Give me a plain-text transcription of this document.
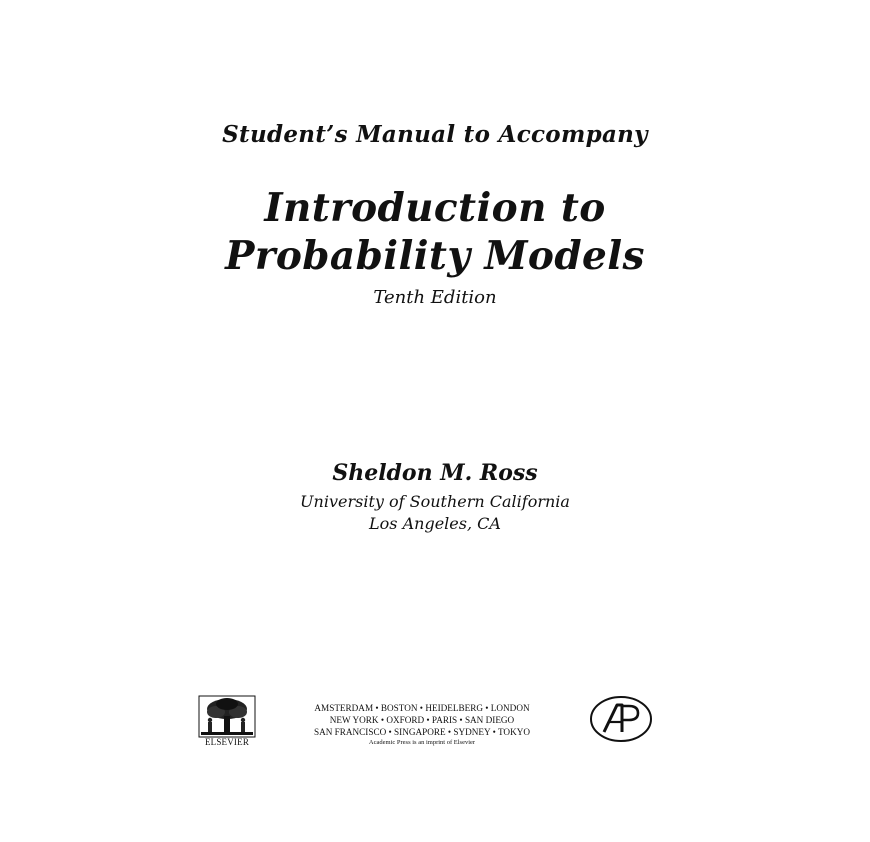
Student’s Manual to Accompany
Introduction to
Probability Models
Tenth Edition
Sheldon M. Ross
University of Southern California
Los Angeles, CA
ELSEVIER
AMSTERDAM • BOSTON • HEIDELBERG • LONDON
NEW YORK • OXFORD • PARIS • SAN DIEGO
SAN FRANCISCO • SINGAPORE • SYDNEY • TOKYO
Academic Press is an imprint of Elsevier
